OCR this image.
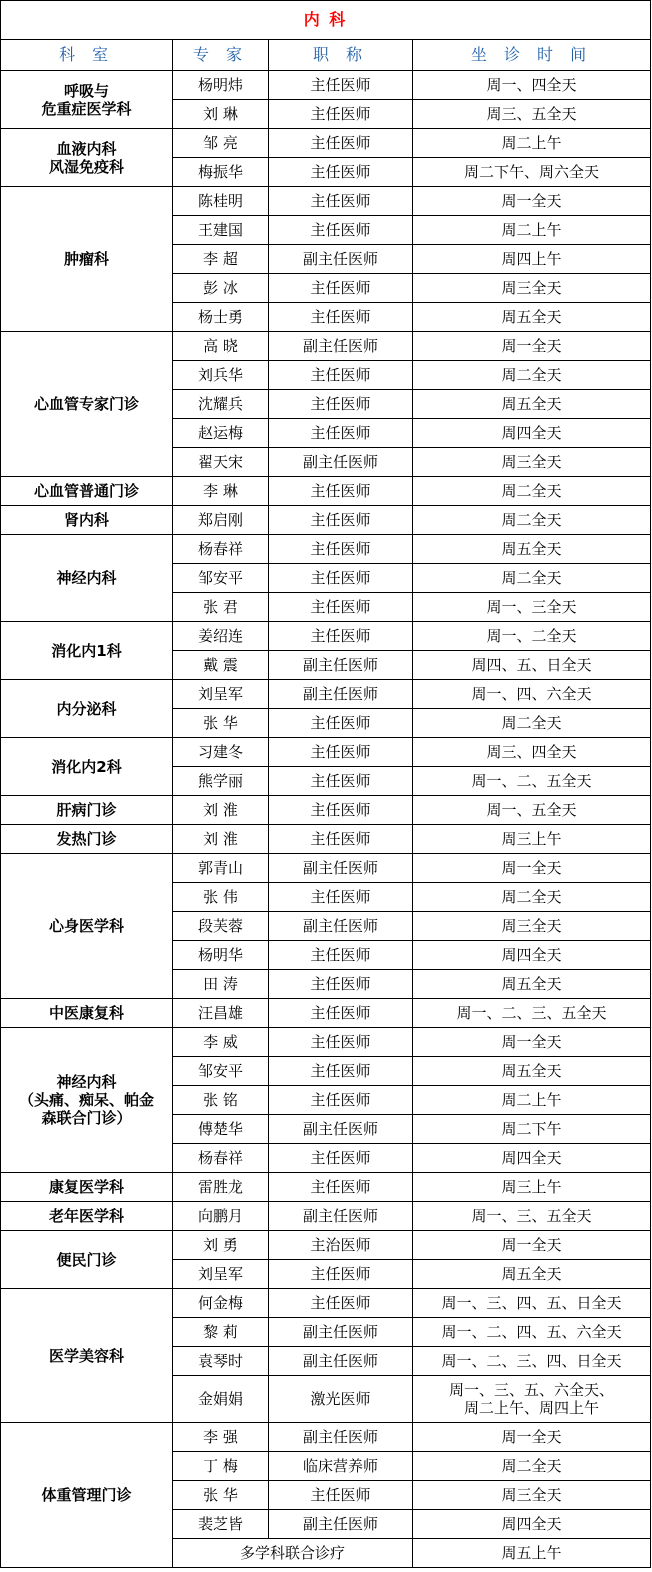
内 科			
科 室	专 家	职 称	坐 诊 时 间

呼吸与
危重症医学科	杨明炜	主任医师	周一、四全天
	刘 琳	主任医师	周三、五全天

血液内科
风湿免疫科	邹 亮	主任医师	周二上午
	梅振华	主任医师	周二下午、周六全天
肿瘤科	陈桂明	主任医师	周一全天
	王建国	主任医师	周二上午
	李 超	副主任医师	周四上午
	彭 冰	主任医师	周三全天
	杨士勇	主任医师	周五全天
心血管专家门诊	高 晓	副主任医师	周一全天
	刘兵华	主任医师	周二全天
	沈耀兵	主任医师	周五全天
	赵运梅	主任医师	周四全天
	翟天宋	副主任医师	周三全天
心血管普通门诊	李 琳	主任医师	周二全天
肾内科	郑启刚	主任医师	周二全天
神经内科	杨春祥	主任医师	周五全天
	邹安平	主任医师	周二全天
	张 君	主任医师	周一、三全天
消化内1科	姜绍连	主任医师	周一、二全天
	戴 震	副主任医师	周四、五、日全天
内分泌科	刘呈军	副主任医师	周一、四、六全天
	张 华	主任医师	周二全天
消化内2科	习建冬	主任医师	周三、四全天
	熊学丽	主任医师	周一、二、五全天
肝病门诊	刘 淮	主任医师	周一、五全天
发热门诊	刘 淮	主任医师	周三上午
心身医学科	郭青山	副主任医师	周一全天
	张 伟	主任医师	周二全天
	段芙蓉	副主任医师	周三全天
	杨明华	主任医师	周四全天
	田 涛	主任医师	周五全天
中医康复科	汪昌雄	主任医师	周一、二、三、五全天

神经内科
（头痛、痴呆、帕金
森联合门诊）	李 威	主任医师	周一全天
	邹安平	主任医师	周五全天
	张 铭	主任医师	周二上午
	傅楚华	副主任医师	周二下午
	杨春祥	主任医师	周四全天
康复医学科	雷胜龙	主任医师	周三上午
老年医学科	向鹏月	副主任医师	周一、三、五全天
便民门诊	刘 勇	主治医师	周一全天
	刘呈军	主任医师	周五全天
医学美容科	何金梅	主任医师	周一、三、四、五、日全天
	黎 莉	副主任医师	周一、二、四、五、六全天
	袁琴时	副主任医师	周一、二、三、四、日全天
	金娟娟	激光医师	周一、三、五、六全天、
周二上午、周四上午

体重管理门诊	李 强	副主任医师	周一全天
	丁 梅	临床营养师	周二全天
	张 华	主任医师	周三全天
	裴芝皆	副主任医师	周四全天
	多学科联合诊疗		周五上午
